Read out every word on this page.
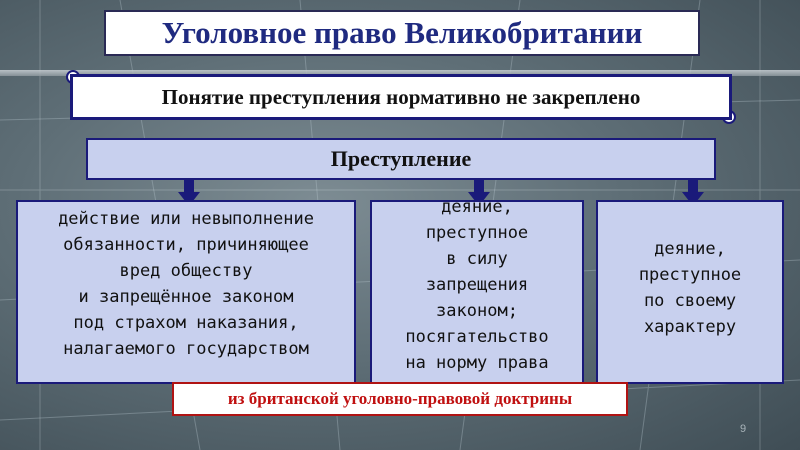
Уголовное право Великобритании
Понятие преступления нормативно не закреплено
Преступление
действие или невыполнение
обязанности, причиняющее
вред обществу
и запрещённое законом
под страхом наказания,
налагаемого государством
деяние,
преступное
в силу
запрещения
законом;
посягательство
на норму права
деяние,
преступное
по своему
характеру
из британской уголовно-правовой доктрины
9
